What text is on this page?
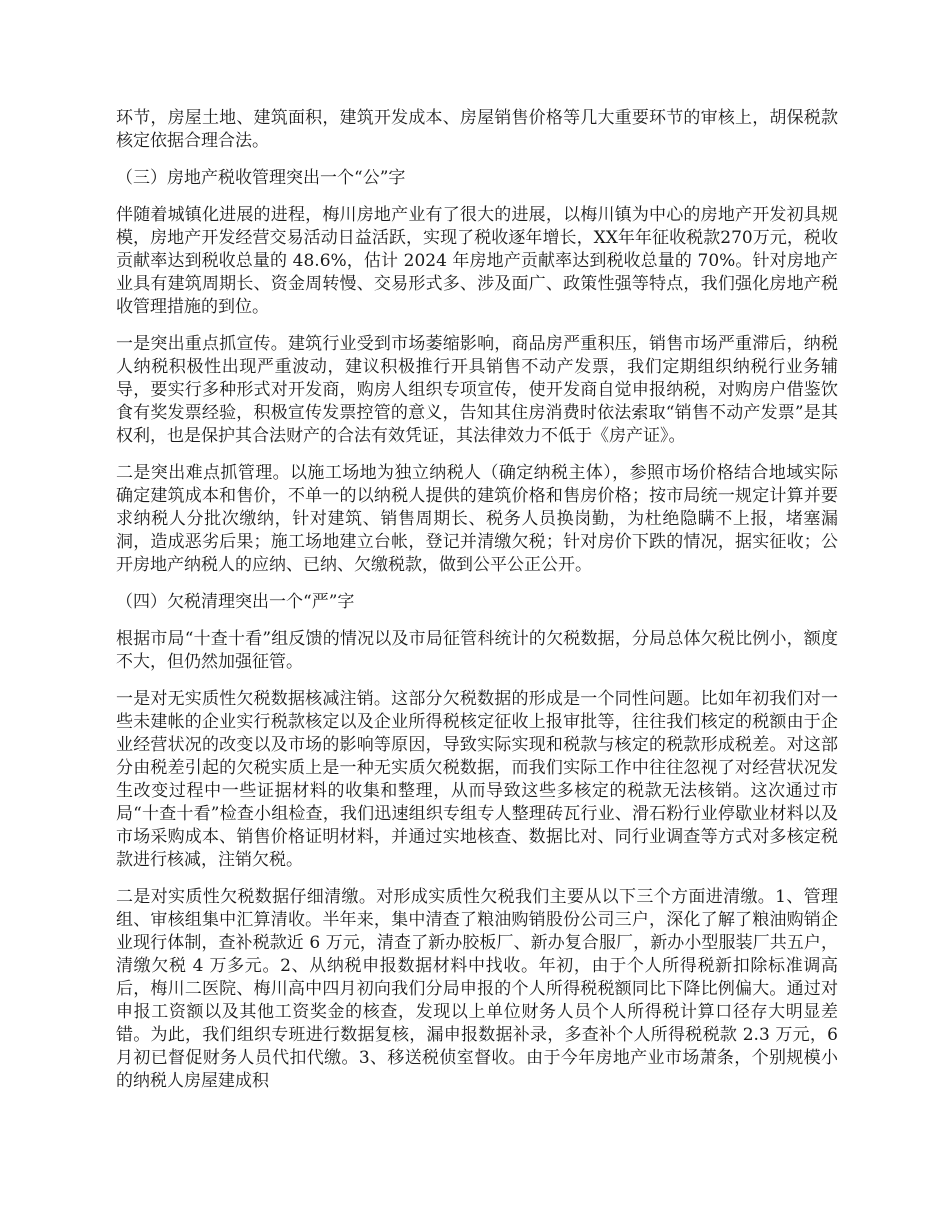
环节，房屋土地、建筑面积，建筑开发成本、房屋销售价格等几大重要环节的审核上，胡保税款核定依据合理合法。

（三）房地产税收管理突出一个“公”字

伴随着城镇化进展的进程，梅川房地产业有了很大的进展，以梅川镇为中心的房地产开发初具规模，房地产开发经营交易活动日益活跃，实现了税收逐年增长，XX年年征收税款270万元，税收贡献率达到税收总量的 48.6%，估计 2024 年房地产贡献率达到税收总量的 70%。针对房地产业具有建筑周期长、资金周转慢、交易形式多、涉及面广、政策性强等特点，我们强化房地产税收管理措施的到位。

一是突出重点抓宣传。建筑行业受到市场萎缩影响，商品房严重积压，销售市场严重滞后，纳税人纳税积极性出现严重波动，建议积极推行开具销售不动产发票，我们定期组织纳税行业务辅导，要实行多种形式对开发商，购房人组织专项宣传，使开发商自觉申报纳税，对购房户借鉴饮食有奖发票经验，积极宣传发票控管的意义，告知其住房消费时依法索取“销售不动产发票”是其权利，也是保护其合法财产的合法有效凭证，其法律效力不低于《房产证》。

二是突出难点抓管理。以施工场地为独立纳税人（确定纳税主体），参照市场价格结合地域实际确定建筑成本和售价，不单一的以纳税人提供的建筑价格和售房价格；按市局统一规定计算并要求纳税人分批次缴纳，针对建筑、销售周期长、税务人员换岗勤，为杜绝隐瞒不上报，堵塞漏洞，造成恶劣后果；施工场地建立台帐，登记并清缴欠税；针对房价下跌的情况，据实征收；公开房地产纳税人的应纳、已纳、欠缴税款，做到公平公正公开。

（四）欠税清理突出一个“严”字

根据市局“十查十看”组反馈的情况以及市局征管科统计的欠税数据，分局总体欠税比例小，额度不大，但仍然加强征管。

一是对无实质性欠税数据核减注销。这部分欠税数据的形成是一个同性问题。比如年初我们对一些未建帐的企业实行税款核定以及企业所得税核定征收上报审批等，往往我们核定的税额由于企业经营状况的改变以及市场的影响等原因，导致实际实现和税款与核定的税款形成税差。对这部分由税差引起的欠税实质上是一种无实质欠税数据，而我们实际工作中往往忽视了对经营状况发生改变过程中一些证据材料的收集和整理，从而导致这些多核定的税款无法核销。这次通过市局“十查十看”检查小组检查，我们迅速组织专组专人整理砖瓦行业、滑石粉行业停歇业材料以及市场采购成本、销售价格证明材料，并通过实地核查、数据比对、同行业调查等方式对多核定税款进行核减，注销欠税。

二是对实质性欠税数据仔细清缴。对形成实质性欠税我们主要从以下三个方面进清缴。1、管理组、审核组集中汇算清收。半年来，集中清查了粮油购销股份公司三户，深化了解了粮油购销企业现行体制，查补税款近 6 万元，清查了新办胶板厂、新办复合服厂，新办小型服装厂共五户，清缴欠税 4 万多元。2、从纳税申报数据材料中找收。年初，由于个人所得税新扣除标准调高后，梅川二医院、梅川高中四月初向我们分局申报的个人所得税税额同比下降比例偏大。通过对申报工资额以及其他工资奖金的核查，发现以上单位财务人员个人所得税计算口径存大明显差错。为此，我们组织专班进行数据复核，漏申报数据补录，多查补个人所得税税款 2.3 万元，6 月初已督促财务人员代扣代缴。3、移送税侦室督收。由于今年房地产业市场萧条，个别规模小的纳税人房屋建成积
